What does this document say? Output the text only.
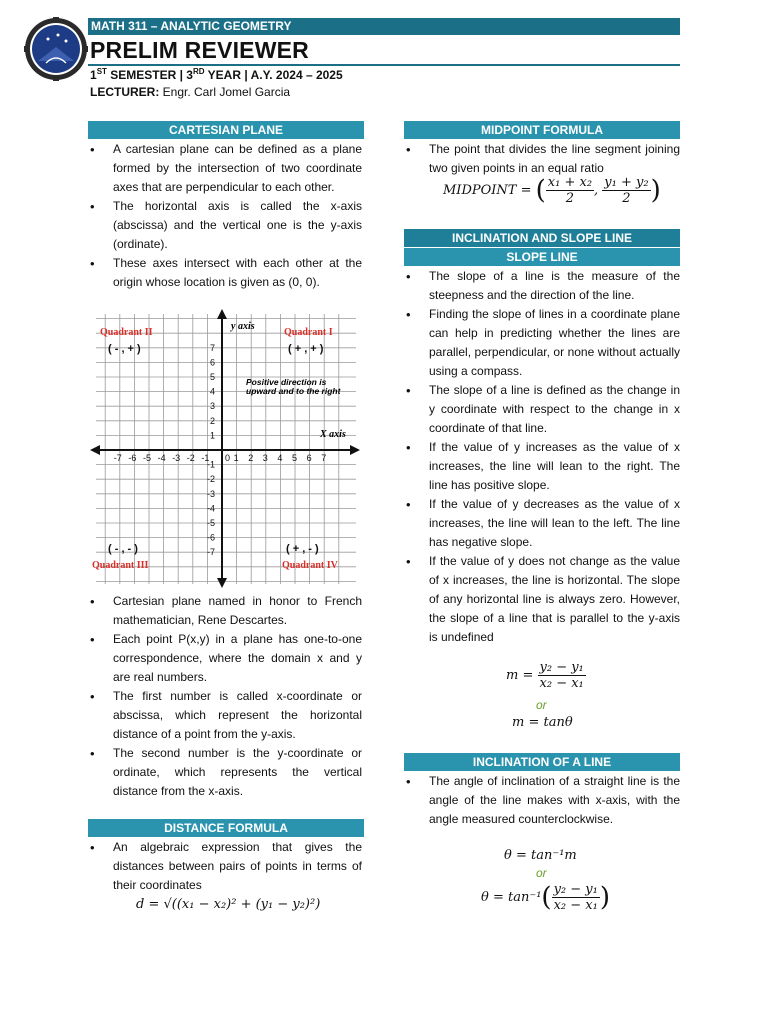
MATH 311 – ANALYTIC GEOMETRY
PRELIM REVIEWER
1ST SEMESTER | 3RD YEAR | A.Y. 2024 – 2025
LECTURER: Engr. Carl Jomel Garcia
CARTESIAN PLANE
• A cartesian plane can be defined as a plane formed by the intersection of two coordinate axes that are perpendicular to each other.
• The horizontal axis is called the x-axis (abscissa) and the vertical one is the y-axis (ordinate).
• These axes intersect with each other at the origin whose location is given as (0, 0).
1 2 3 4 5 6 7
-7 -6 -5 -4 -3 -2 -1 0
1
2
3
4
5
6
7
-1
-2
-3
-4
-5
-6
-7
Quadrant II	Quadrant I
Quadrant III	Quadrant IV
( - , + )	( + , + )
( - , - )	( + , - )
y axis
X axis
Positive direction is
upward and to the right
• Cartesian plane named in honor to French mathematician, Rene Descartes.
• Each point P(x,y) in a plane has one-to-one correspondence, where the domain x and y are real numbers.
• The first number is called x-coordinate or abscissa, which represent the horizontal distance of a point from the y-axis.
• The second number is the y-coordinate or ordinate, which represents the vertical distance from the x-axis.
DISTANCE FORMULA
• An algebraic expression that gives the distances between pairs of points in terms of their coordinates
d = √((x₁ − x₂)² + (y₁ − y₂)²)
MIDPOINT FORMULA
• The point that divides the line segment joining two given points in an equal ratio
MIDPOINT = ( $\frac{\text{x₁ + x₂}}{2}$ , $\frac{\text{y₁ + y₂}}{2}$ )
INCLINATION AND SLOPE LINE
SLOPE LINE
• The slope of a line is the measure of the steepness and the direction of the line.
• Finding the slope of lines in a coordinate plane can help in predicting whether the lines are parallel, perpendicular, or none without actually using a compass.
• The slope of a line is defined as the change in y coordinate with respect to the change in x coordinate of that line.
• If the value of y increases as the value of x increases, the line will lean to the right. The line has positive slope.
• If the value of y decreases as the value of x increases, the line will lean to the left. The line has negative slope.
• If the value of y does not change as the value of x increases, the line is horizontal. The slope of any horizontal line is always zero. However, the slope of a line that is parallel to the y-axis is undefined
$m = \frac{\text{y₂ − y₁}}{\text{x₂ − x₁}}$
or
m = tanθ
INCLINATION OF A LINE
• The angle of inclination of a straight line is the angle of the line makes with x-axis, with the angle measured counterclockwise.
θ = tan⁻¹m
or
$\theta = \tan^{-1}( \frac{\text{y₂ − y₁}}{\text{x₂ − x₁}}$ )
